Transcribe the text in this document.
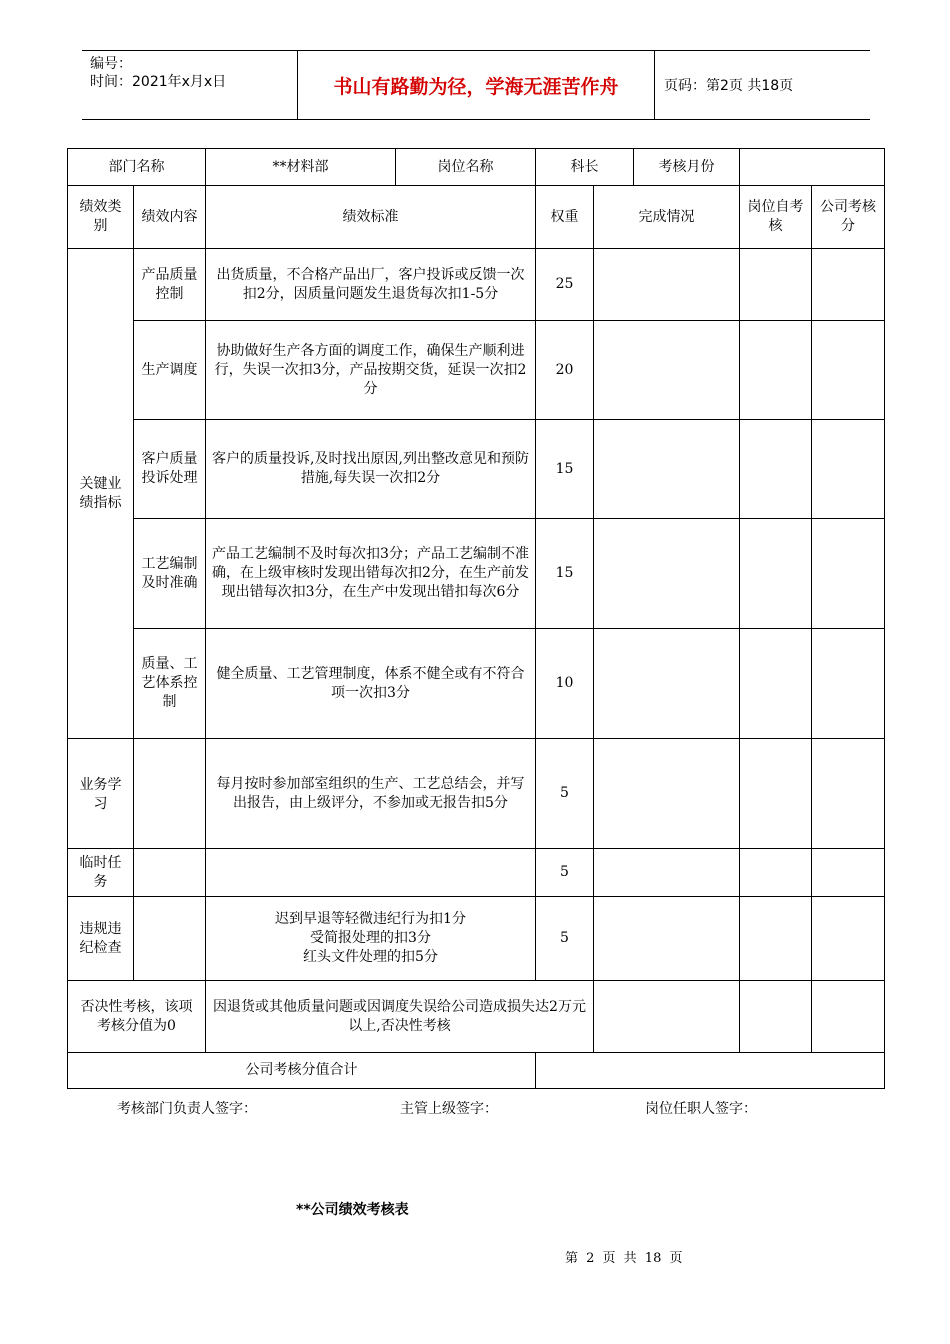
编号：
时间：2021年x月x日	书山有路勤为径，学海无涯苦作舟	页码：第2页 共18页
部门名称		**材料部	岗位名称	科长		考核月份		
绩效类别	绩效内容	绩效标准		权重	完成情况		岗位自考核	公司考核分
关键业绩指标	产品质量控制	出货质量，不合格产品出厂，客户投诉或反馈一次扣2分，因质量问题发生退货每次扣1-5分		25				
	生产调度	协助做好生产各方面的调度工作，确保生产顺利进行，失误一次扣3分，产品按期交货，延误一次扣2分		20				
	客户质量投诉处理	客户的质量投诉,及时找出原因,列出整改意见和预防措施,每失误一次扣2分		15				
	工艺编制及时准确	产品工艺编制不及时每次扣3分；产品工艺编制不准确，在上级审核时发现出错每次扣2分，在生产前发现出错每次扣3分，在生产中发现出错扣每次6分		15				
	质量、工艺体系控制	健全质量、工艺管理制度，体系不健全或有不符合项一次扣3分		10				
业务学习		每月按时参加部室组织的生产、工艺总结会，并写出报告，由上级评分，不参加或无报告扣5分		5				
临时任务				5				
违规违纪检查		迟到早退等轻微违纪行为扣1分
受简报处理的扣3分
红头文件处理的扣5分		5				
否决性考核，该项考核分值为0		因退货或其他质量问题或因调度失误给公司造成损失达2万元以上,否决性考核						
公司考核分值合计								
考核部门负责人签字：	主管上级签字：	岗位任职人签字：
**公司绩效考核表
第 2 页 共 18 页
